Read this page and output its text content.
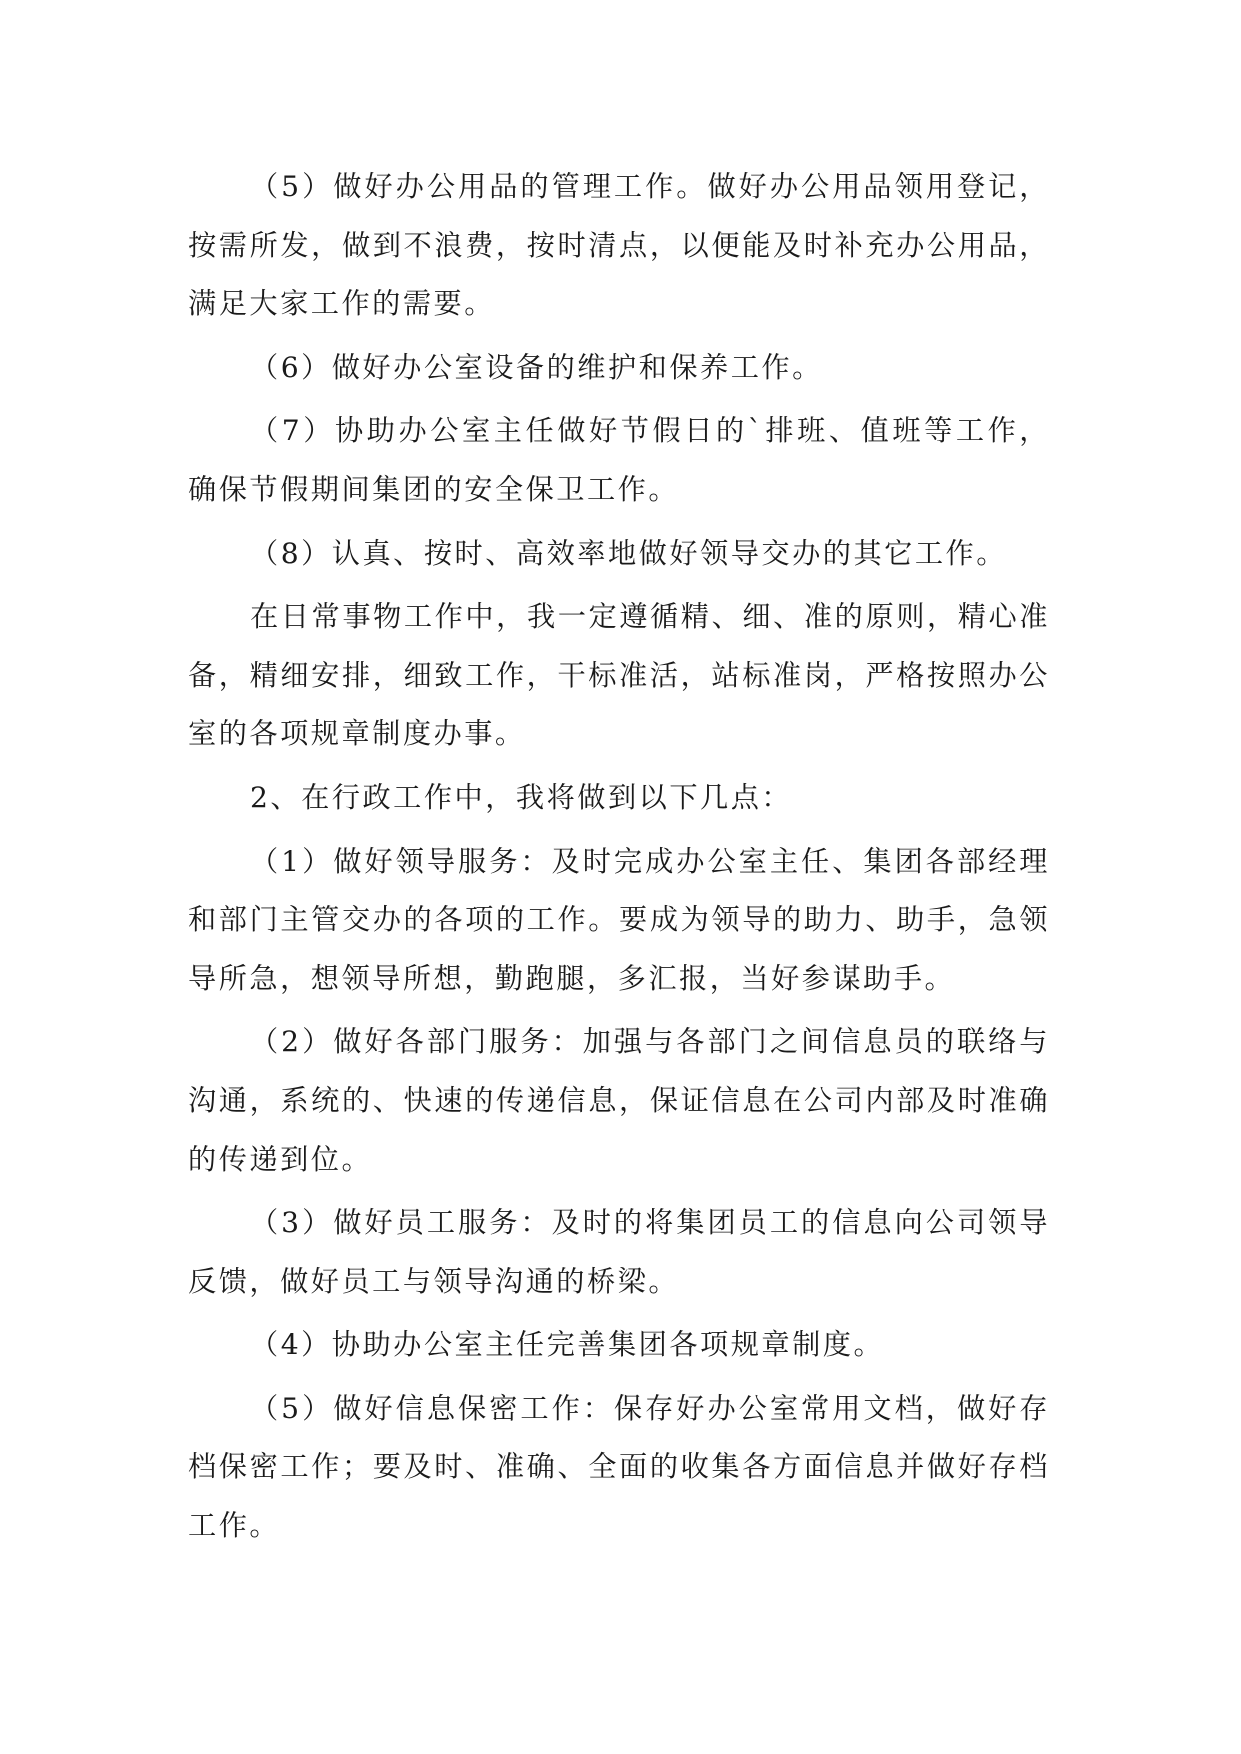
（5）做好办公用品的管理工作。做好办公用品领用登记，按需所发，做到不浪费，按时清点，以便能及时补充办公用品，满足大家工作的需要。

（6）做好办公室设备的维护和保养工作。

（7）协助办公室主任做好节假日的`排班、值班等工作，确保节假期间集团的安全保卫工作。

（8）认真、按时、高效率地做好领导交办的其它工作。

在日常事物工作中，我一定遵循精、细、准的原则，精心准备，精细安排，细致工作，干标准活，站标准岗，严格按照办公室的各项规章制度办事。

2、在行政工作中，我将做到以下几点：

（1）做好领导服务：及时完成办公室主任、集团各部经理和部门主管交办的各项的工作。要成为领导的助力、助手，急领导所急，想领导所想，勤跑腿，多汇报，当好参谋助手。

（2）做好各部门服务：加强与各部门之间信息员的联络与沟通，系统的、快速的传递信息，保证信息在公司内部及时准确的传递到位。

（3）做好员工服务：及时的将集团员工的信息向公司领导反馈，做好员工与领导沟通的桥梁。

（4）协助办公室主任完善集团各项规章制度。

（5）做好信息保密工作：保存好办公室常用文档，做好存档保密工作；要及时、准确、全面的收集各方面信息并做好存档工作。
